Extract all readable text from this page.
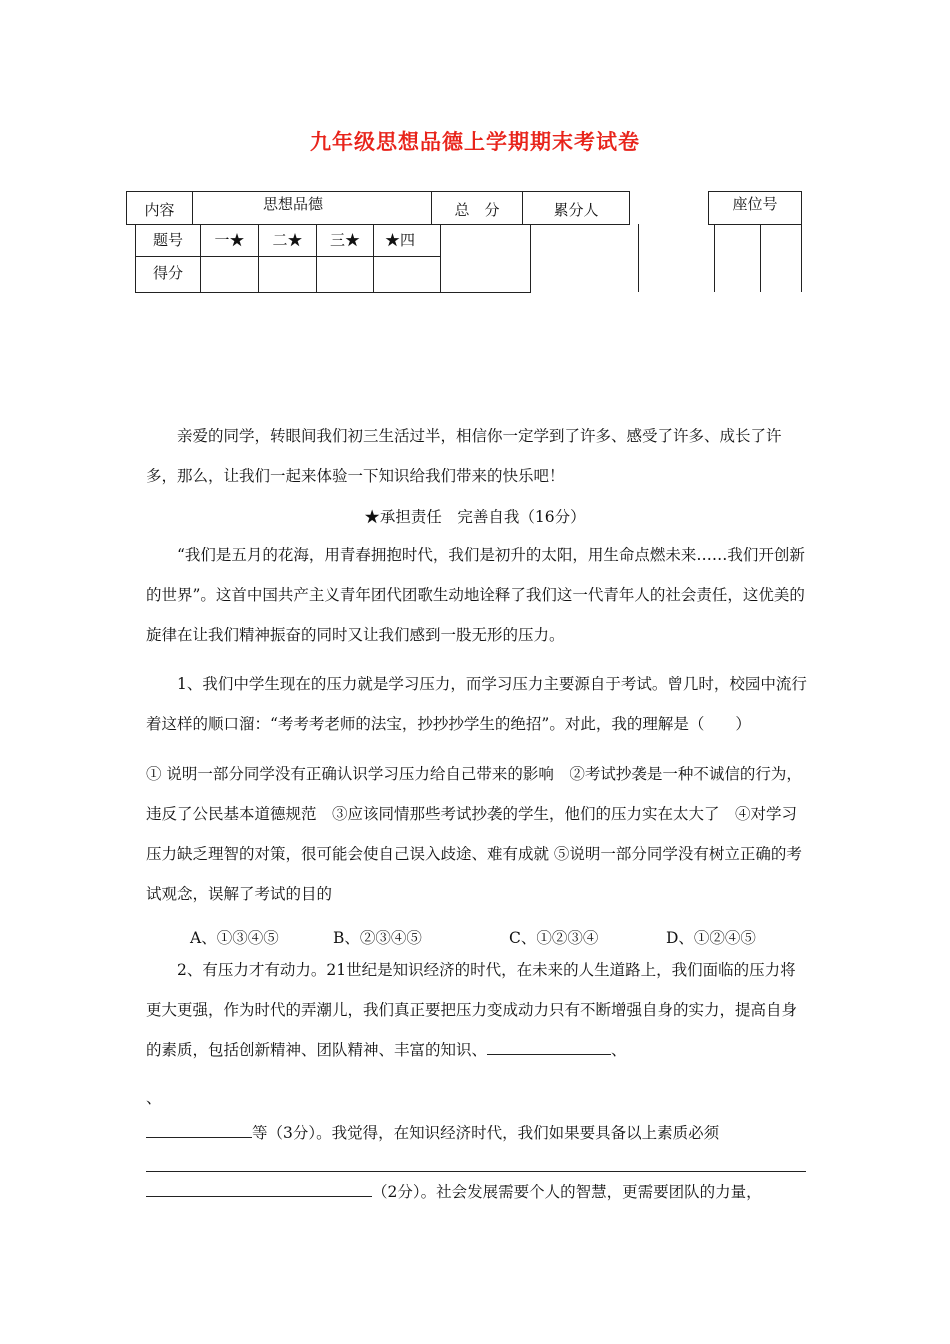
九年级思想品德上学期期末考试卷
内容	思想品德	总　分	累分人
题号	一★	二★	三★	★四
得分
座位号
亲爱的同学，转眼间我们初三生活过半，相信你一定学到了许多、感受了许多、成长了许多，那么，让我们一起来体验一下知识给我们带来的快乐吧！
★承担责任　完善自我（16分）
“我们是五月的花海，用青春拥抱时代，我们是初升的太阳，用生命点燃未来……我们开创新的世界”。这首中国共产主义青年团代团歌生动地诠释了我们这一代青年人的社会责任，这优美的旋律在让我们精神振奋的同时又让我们感到一股无形的压力。
1、我们中学生现在的压力就是学习压力，而学习压力主要源自于考试。曾几时，校园中流行着这样的顺口溜：“考考考老师的法宝，抄抄抄学生的绝招”。对此，我的理解是（　　）
① 说明一部分同学没有正确认识学习压力给自己带来的影响　②考试抄袭是一种不诚信的行为，违反了公民基本道德规范　③应该同情那些考试抄袭的学生，他们的压力实在太大了　④对学习压力缺乏理智的对策，很可能会使自己误入歧途、难有成就 ⑤说明一部分同学没有树立正确的考试观念，误解了考试的目的
A、①③④⑤	B、②③④⑤	C、①②③④	D、①②④⑤
2、有压力才有动力。21世纪是知识经济的时代，在未来的人生道路上，我们面临的压力将更大更强，作为时代的弄潮儿，我们真正要把压力变成动力只有不断增强自身的实力，提高自身的素质，包括创新精神、团队精神、丰富的知识、	、
、
等（3分）。我觉得，在知识经济时代，我们如果要具备以上素质必须
（2分）。社会发展需要个人的智慧，更需要团队的力量，
